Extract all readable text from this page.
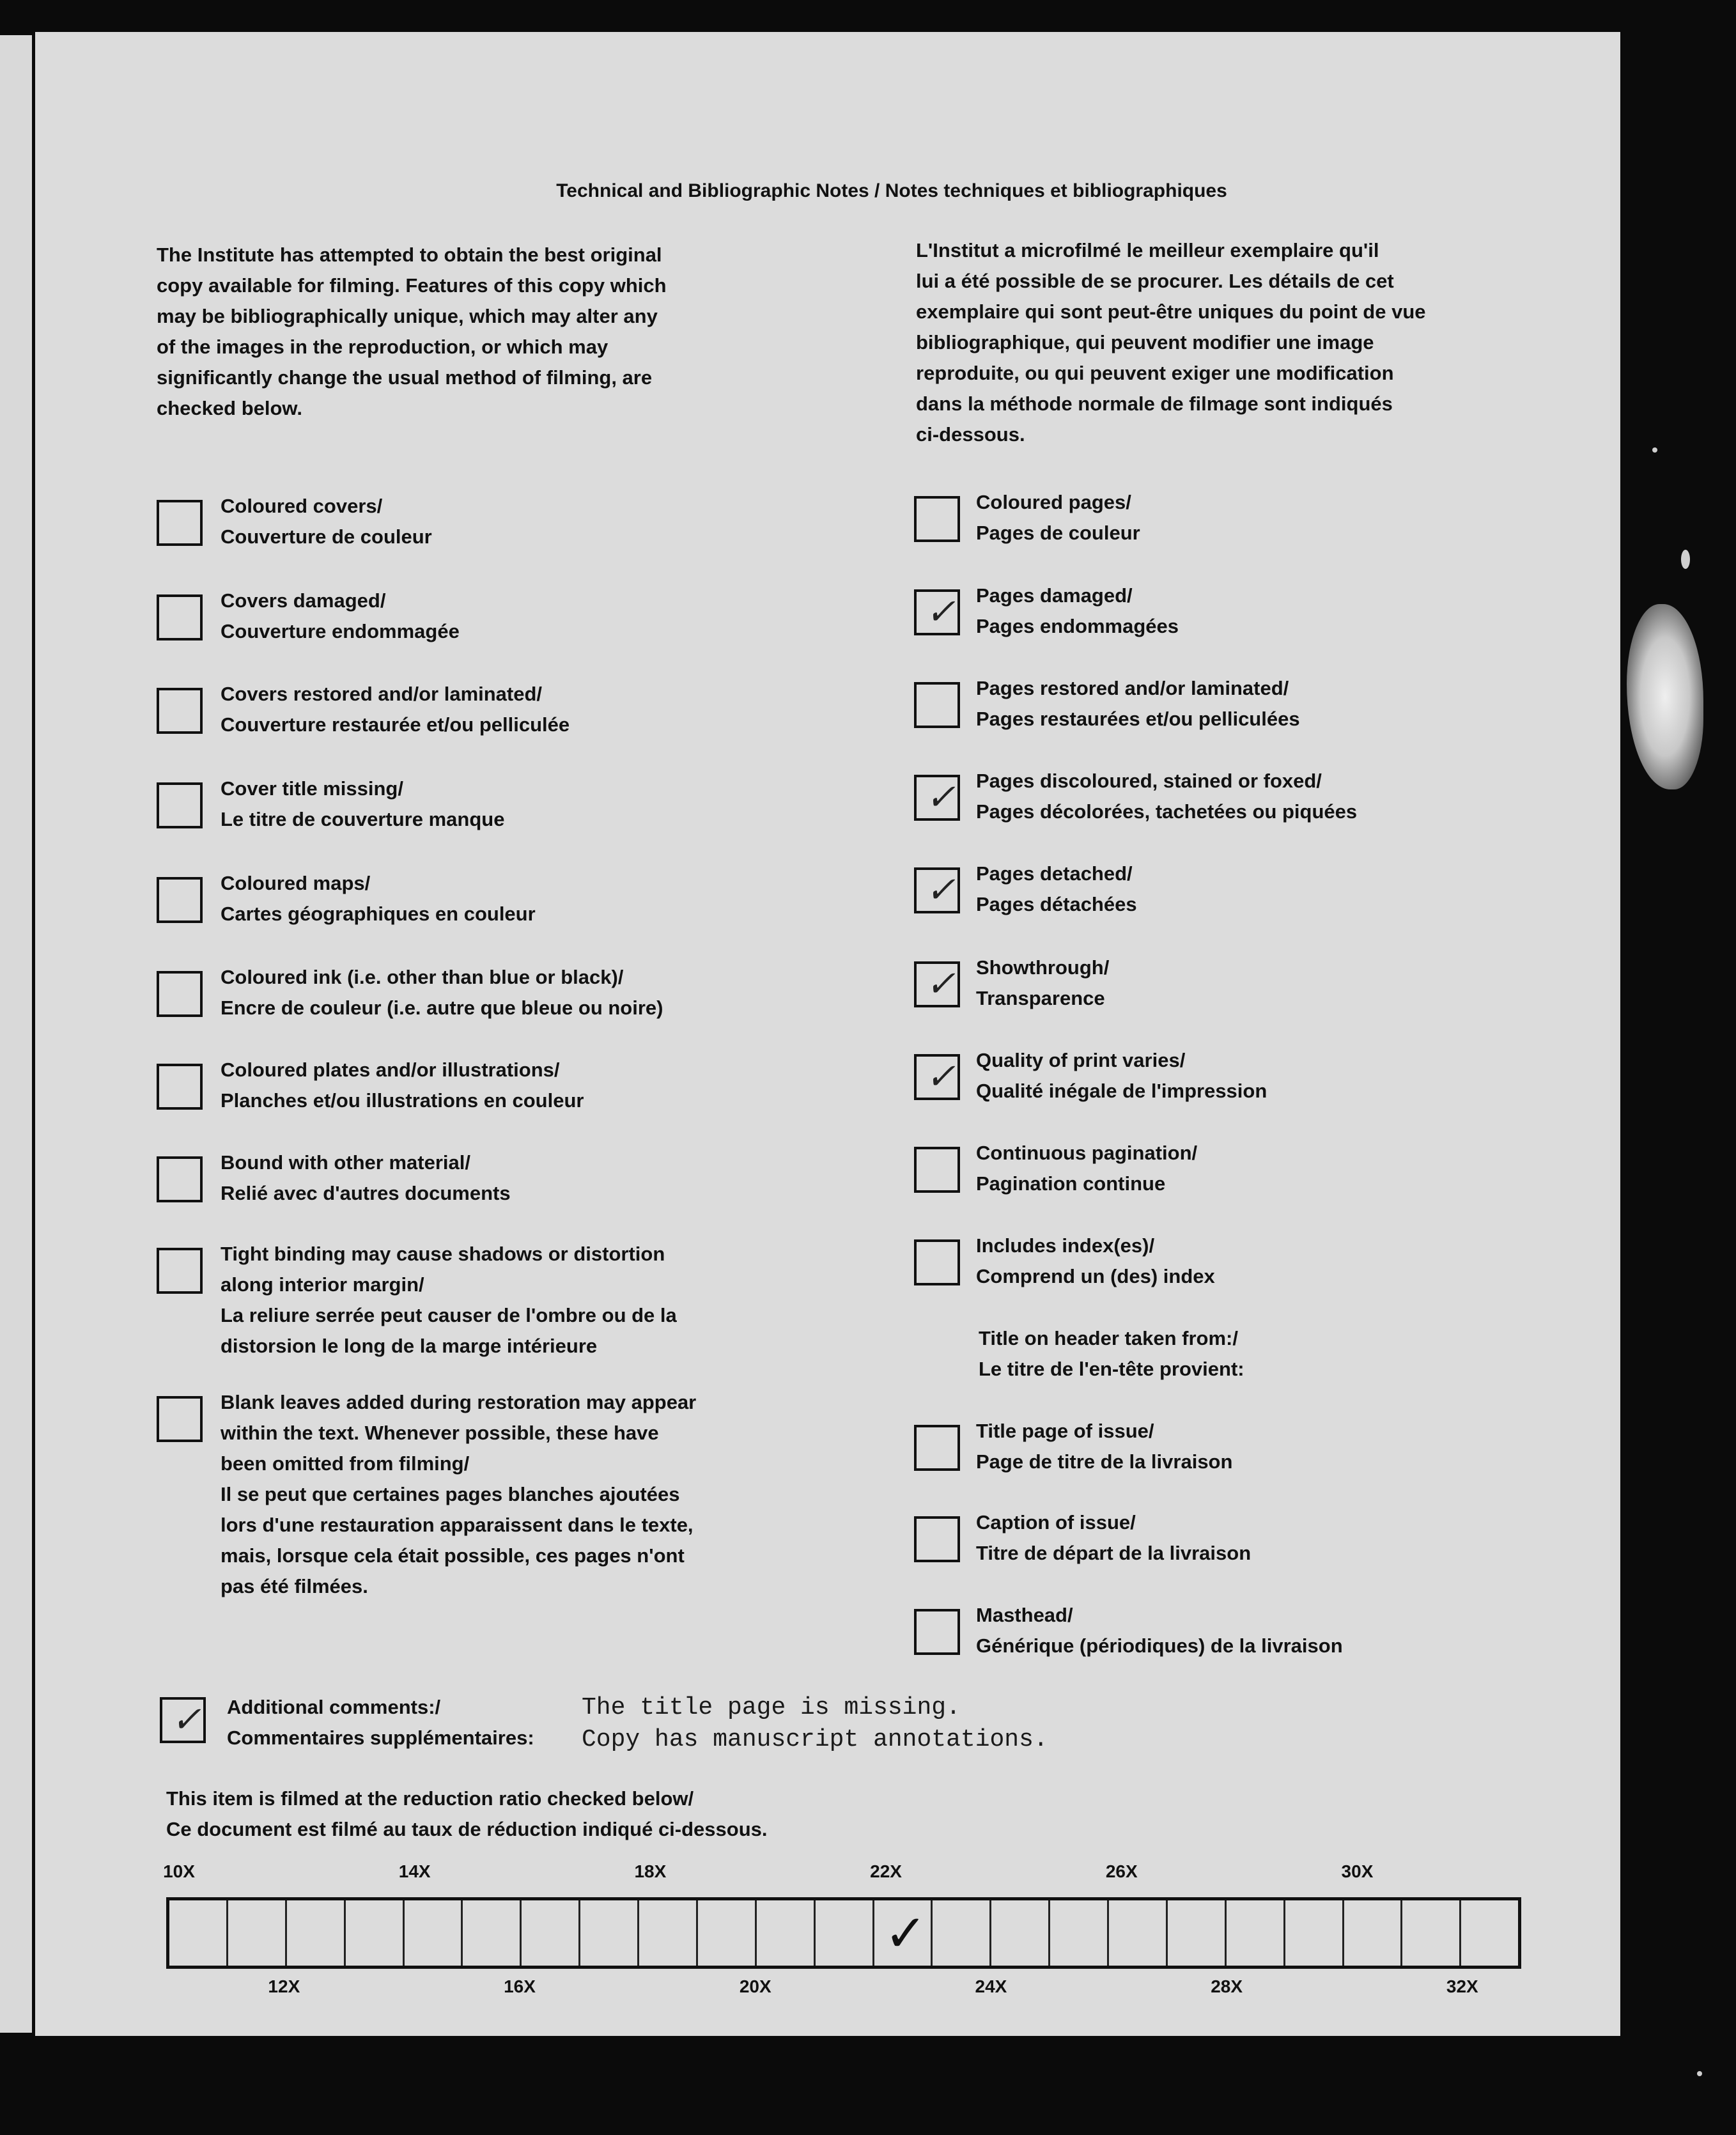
Technical and Bibliographic Notes / Notes techniques et bibliographiques
The Institute has attempted to obtain the best original
copy available for filming. Features of this copy which
may be bibliographically unique, which may alter any
of the images in the reproduction, or which may
significantly change the usual method of filming, are
checked below.
L'Institut a microfilmé le meilleur exemplaire qu'il
lui a été possible de se procurer. Les détails de cet
exemplaire qui sont peut-être uniques du point de vue
bibliographique, qui peuvent modifier une image
reproduite, ou qui peuvent exiger une modification
dans la méthode normale de filmage sont indiqués
ci-dessous.
Coloured covers/
Couverture de couleur
Covers damaged/
Couverture endommagée
Covers restored and/or laminated/
Couverture restaurée et/ou pelliculée
Cover title missing/
Le titre de couverture manque
Coloured maps/
Cartes géographiques en couleur
Coloured ink (i.e. other than blue or black)/
Encre de couleur (i.e. autre que bleue ou noire)
Coloured plates and/or illustrations/
Planches et/ou illustrations en couleur
Bound with other material/
Relié avec d'autres documents
Tight binding may cause shadows or distortion
along interior margin/
La reliure serrée peut causer de l'ombre ou de la
distorsion le long de la marge intérieure
Blank leaves added during restoration may appear
within the text. Whenever possible, these have
been omitted from filming/
Il se peut que certaines pages blanches ajoutées
lors d'une restauration apparaissent dans le texte,
mais, lorsque cela était possible, ces pages n'ont
pas été filmées.
Coloured pages/
Pages de couleur
✓ Pages damaged/
Pages endommagées
Pages restored and/or laminated/
Pages restaurées et/ou pelliculées
✓ Pages discoloured, stained or foxed/
Pages décolorées, tachetées ou piquées
✓ Pages detached/
Pages détachées
✓ Showthrough/
Transparence
✓ Quality of print varies/
Qualité inégale de l'impression
Continuous pagination/
Pagination continue
Includes index(es)/
Comprend un (des) index
Title page of issue/
Page de titre de la livraison
Caption of issue/
Titre de départ de la livraison
Masthead/
Générique (périodiques) de la livraison
Title on header taken from:/
Le titre de l'en-tête provient:
✓ Additional comments:/
Commentaires supplémentaires:
The title page is missing.
Copy has manuscript annotations.
This item is filmed at the reduction ratio checked below/
Ce document est filmé au taux de réduction indiqué ci-dessous.
10X	14X	18X	22X	26X	30X
✓
12X	16X	20X	24X	28X	32X
